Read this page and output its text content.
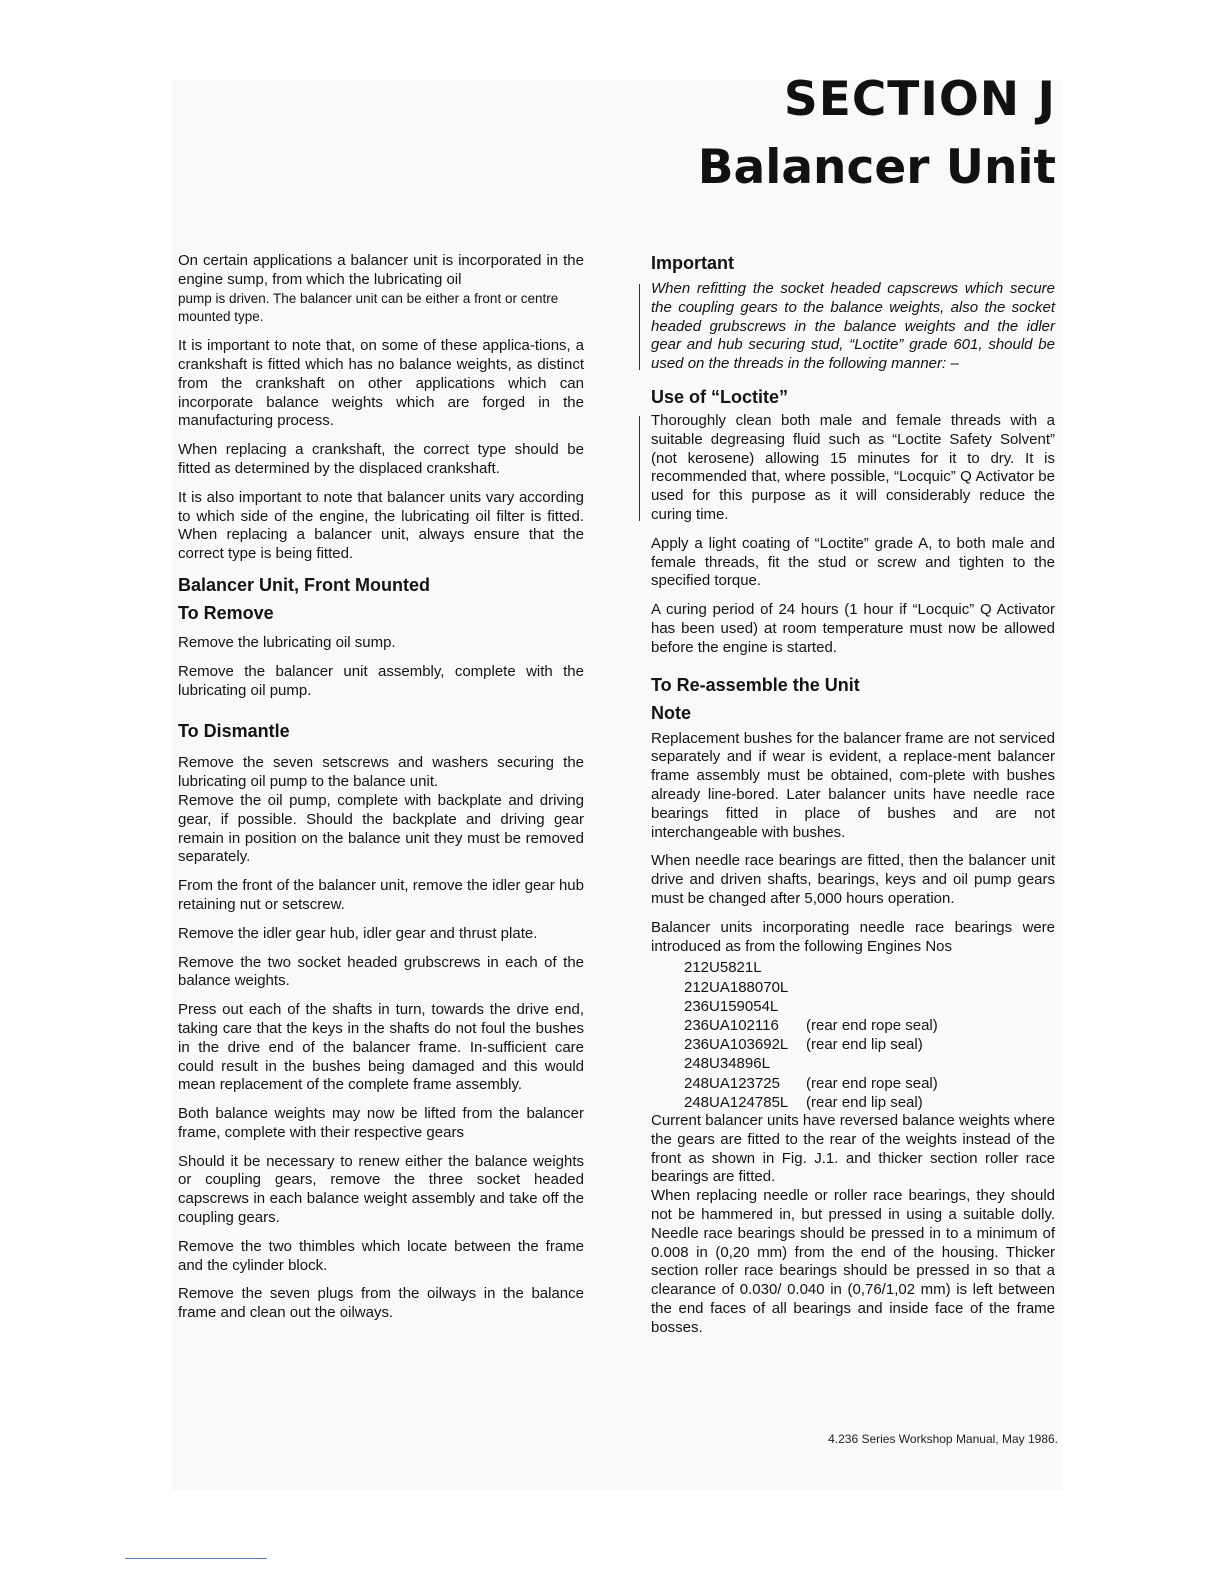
SECTION J
Balancer Unit

On certain applications a balancer unit is incorporated in the engine sump, from which the lubricating oil

pump is driven. The balancer unit can be either a front or centre mounted type.

It is important to note that, on some of these applica-tions, a crankshaft is fitted which has no balance weights, as distinct from the crankshaft on other applications which can incorporate balance weights which are forged in the manufacturing process.

When replacing a crankshaft, the correct type should be fitted as determined by the displaced crankshaft.

It is also important to note that balancer units vary according to which side of the engine, the lubricating oil filter is fitted. When replacing a balancer unit, always ensure that the correct type is being fitted.

Balancer Unit, Front Mounted
To Remove

Remove the lubricating oil sump.

Remove the balancer unit assembly, complete with the lubricating oil pump.

To Dismantle

Remove the seven setscrews and washers securing the lubricating oil pump to the balance unit.

Remove the oil pump, complete with backplate and driving gear, if possible. Should the backplate and driving gear remain in position on the balance unit they must be removed separately.

From the front of the balancer unit, remove the idler gear hub retaining nut or setscrew.

Remove the idler gear hub, idler gear and thrust plate.

Remove the two socket headed grubscrews in each of the balance weights.

Press out each of the shafts in turn, towards the drive end, taking care that the keys in the shafts do not foul the bushes in the drive end of the balancer frame. In-sufficient care could result in the bushes being damaged and this would mean replacement of the complete frame assembly.

Both balance weights may now be lifted from the balancer frame, complete with their respective gears

Should it be necessary to renew either the balance weights or coupling gears, remove the three socket headed capscrews in each balance weight assembly and take off the coupling gears.

Remove the two thimbles which locate between the frame and the cylinder block.

Remove the seven plugs from the oilways in the balance frame and clean out the oilways.

Important

When refitting the socket headed capscrews which secure the coupling gears to the balance weights, also the socket headed grubscrews in the balance weights and the idler gear and hub securing stud, “Loctite” grade 601, should be used on the threads in the following manner: –

Use of “Loctite”

Thoroughly clean both male and female threads with a suitable degreasing fluid such as “Loctite Safety Solvent” (not kerosene) allowing 15 minutes for it to dry. It is recommended that, where possible, “Locquic” Q Activator be used for this purpose as it will considerably reduce the curing time.

Apply a light coating of “Loctite” grade A, to both male and female threads, fit the stud or screw and tighten to the specified torque.

A curing period of 24 hours (1 hour if “Locquic” Q Activator has been used) at room temperature must now be allowed before the engine is started.

To Re-assemble the Unit
Note

Replacement bushes for the balancer frame are not serviced separately and if wear is evident, a replace-ment balancer frame assembly must be obtained, com-plete with bushes already line-bored. Later balancer units have needle race bearings fitted in place of bushes and are not interchangeable with bushes.

When needle race bearings are fitted, then the balancer unit drive and driven shafts, bearings, keys and oil pump gears must be changed after 5,000 hours operation.

Balancer units incorporating needle race bearings were introduced as from the following Engines Nos

212U5821L	
212UA188070L	
236U159054L	
236UA102116	(rear end rope seal)
236UA103692L	(rear end lip seal)
248U34896L	
248UA123725	(rear end rope seal)
248UA124785L	(rear end lip seal)

Current balancer units have reversed balance weights where the gears are fitted to the rear of the weights instead of the front as shown in Fig. J.1. and thicker section roller race bearings are fitted.

When replacing needle or roller race bearings, they should not be hammered in, but pressed in using a suitable dolly. Needle race bearings should be pressed in to a minimum of 0.008 in (0,20 mm) from the end of the housing. Thicker section roller race bearings should be pressed in so that a clearance of 0.030/ 0.040 in (0,76/1,02 mm) is left between the end faces of all bearings and inside face of the frame bosses.

4.236 Series Workshop Manual, May 1986.
